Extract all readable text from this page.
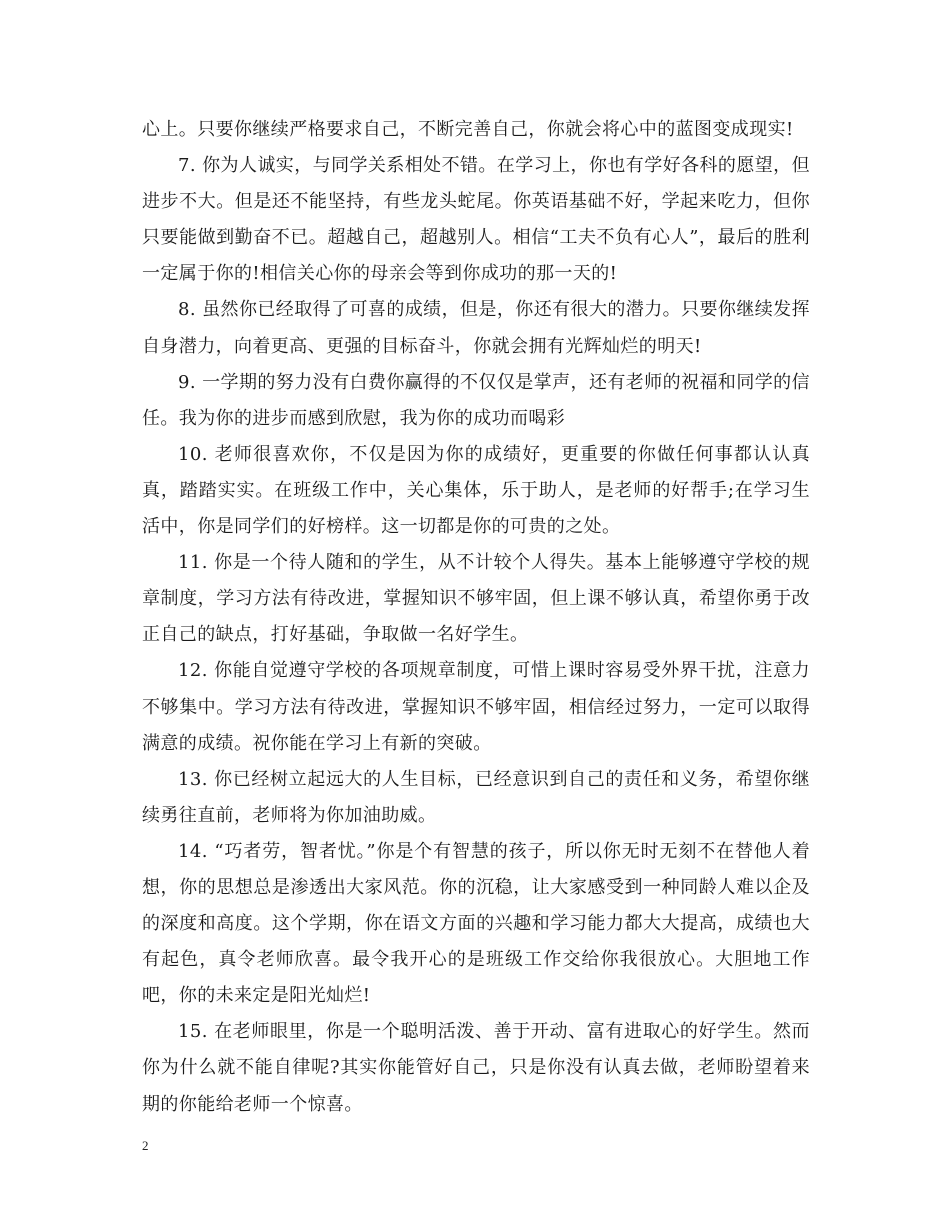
心上。只要你继续严格要求自己，不断完善自己，你就会将心中的蓝图变成现实!

7. 你为人诚实，与同学关系相处不错。在学习上，你也有学好各科的愿望，但进步不大。但是还不能坚持，有些龙头蛇尾。你英语基础不好，学起来吃力，但你只要能做到勤奋不已。超越自己，超越别人。相信“工夫不负有心人”，最后的胜利一定属于你的!相信关心你的母亲会等到你成功的那一天的!

8. 虽然你已经取得了可喜的成绩，但是，你还有很大的潜力。只要你继续发挥自身潜力，向着更高、更强的目标奋斗，你就会拥有光辉灿烂的明天!

9. 一学期的努力没有白费你赢得的不仅仅是掌声，还有老师的祝福和同学的信任。我为你的进步而感到欣慰，我为你的成功而喝彩

10. 老师很喜欢你，不仅是因为你的成绩好，更重要的你做任何事都认认真真，踏踏实实。在班级工作中，关心集体，乐于助人，是老师的好帮手;在学习生活中，你是同学们的好榜样。这一切都是你的可贵的之处。

11. 你是一个待人随和的学生，从不计较个人得失。基本上能够遵守学校的规章制度，学习方法有待改进，掌握知识不够牢固，但上课不够认真，希望你勇于改正自己的缺点，打好基础，争取做一名好学生。

12. 你能自觉遵守学校的各项规章制度，可惜上课时容易受外界干扰，注意力不够集中。学习方法有待改进，掌握知识不够牢固，相信经过努力，一定可以取得满意的成绩。祝你能在学习上有新的突破。

13. 你已经树立起远大的人生目标，已经意识到自己的责任和义务，希望你继续勇往直前，老师将为你加油助威。

14. “巧者劳，智者忧。”你是个有智慧的孩子，所以你无时无刻不在替他人着想，你的思想总是渗透出大家风范。你的沉稳，让大家感受到一种同龄人难以企及的深度和高度。这个学期，你在语文方面的兴趣和学习能力都大大提高，成绩也大有起色，真令老师欣喜。最令我开心的是班级工作交给你我很放心。大胆地工作吧，你的未来定是阳光灿烂!

15. 在老师眼里，你是一个聪明活泼、善于开动、富有进取心的好学生。然而你为什么就不能自律呢?其实你能管好自己，只是你没有认真去做，老师盼望着来期的你能给老师一个惊喜。

2
